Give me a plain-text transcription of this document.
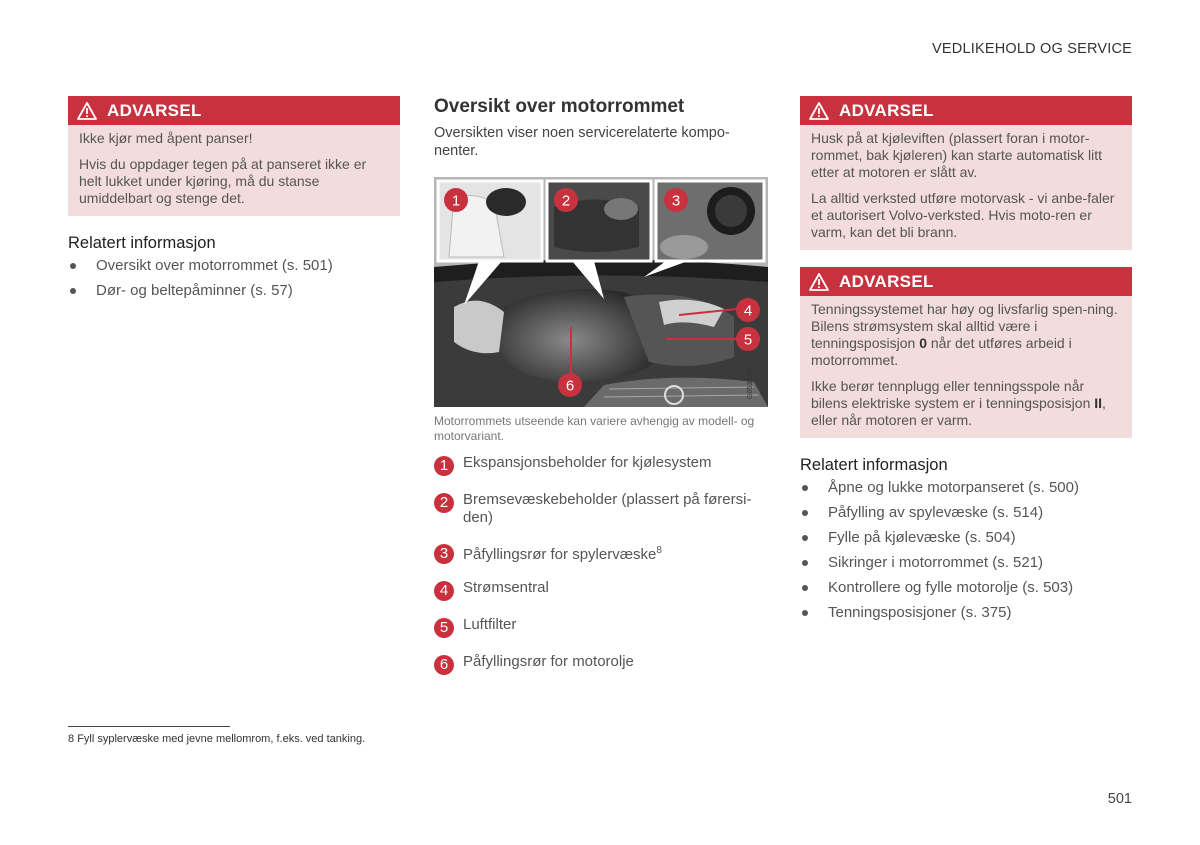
VEDLIKEHOLD OG SERVICE
ADVARSEL

Ikke kjør med åpent panser!

Hvis du oppdager tegen på at panseret ikke er helt lukket under kjøring, må du stanse umiddelbart og stenge det.

Relatert informasjon
Oversikt over motorrommet (s. 501)
Dør- og beltepåminner (s. 57)
Oversikt over motorrommet

Oversikten viser noen servicerelaterte kompo-nenter.

G053675
1	2	3
4
5
6

Motorrommets utseende kan variere avhengig av modell- og motorvariant.

1 Ekspansjonsbeholder for kjølesystem
2 Bremsevæskebeholder (plassert på førersi-den)
3 Påfyllingsrør for spylervæske$^8$
4 Strømsentral
5 Luftfilter
6 Påfyllingsrør for motorolje
ADVARSEL

Husk på at kjøleviften (plassert foran i motor-rommet, bak kjøleren) kan starte automatisk litt etter at motoren er slått av.

La alltid verksted utføre motorvask - vi anbe-faler et autorisert Volvo-verksted. Hvis moto-ren er varm, kan det bli brann.

ADVARSEL

Tenningssystemet har høy og livsfarlig spen-ning. Bilens strømsystem skal alltid være i tenningsposisjon 0 når det utføres arbeid i motorrommet.

Ikke berør tennplugg eller tenningsspole når bilens elektriske system er i tenningsposisjon II, eller når motoren er varm.

Relatert informasjon
Åpne og lukke motorpanseret (s. 500)
Påfylling av spylevæske (s. 514)
Fylle på kjølevæske (s. 504)
Sikringer i motorrommet (s. 521)
Kontrollere og fylle motorolje (s. 503)
Tenningsposisjoner (s. 375)
8 Fyll syplervæske med jevne mellomrom, f.eks. ved tanking.
501
